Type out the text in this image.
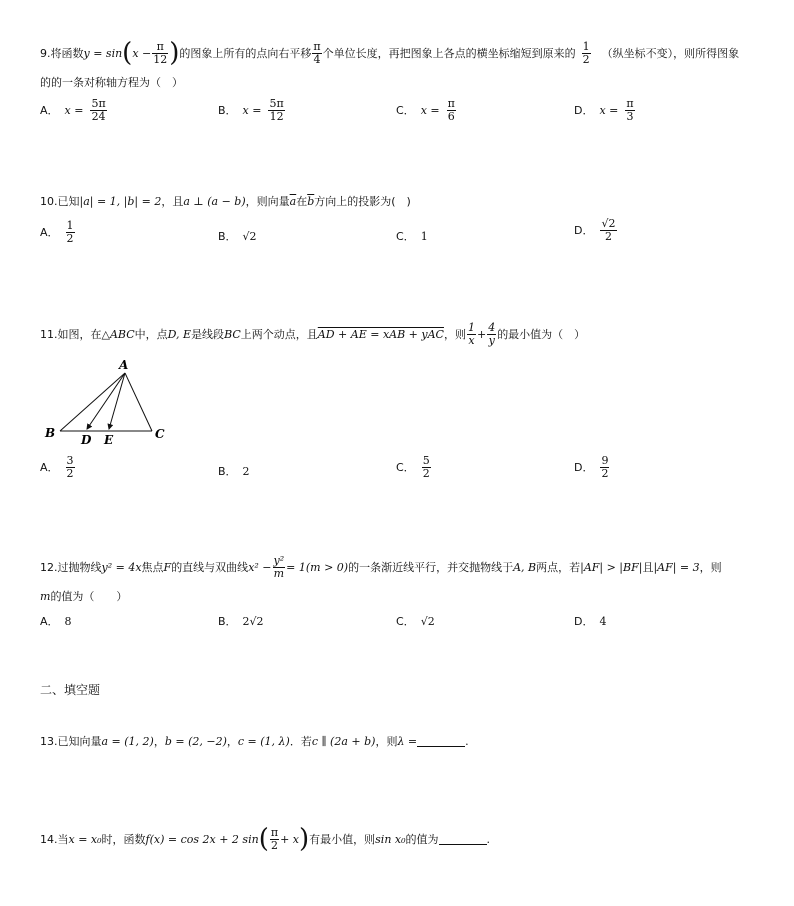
9. 将函数 y = sin ( $x - \frac{\pi}{12}$ ) 的图象上所有的点向右平移 $\frac{\pi}{4}$ 个单位长度，再把图象上各点的横坐标缩短到原来的 $\frac{1}{2}$ （纵坐标不变），则所得图象
的的一条对称轴方程为（　）
A． $x = \frac{5\pi}{24}$	B． $x = \frac{5\pi}{12}$	C． $x = \frac{\pi}{6}$	D． $x = \frac{\pi}{3}$
10. 已知 |a| = 1, |b| = 2 ，且 a ⊥ (a − b) ，则向量 $\overline{a}$ 在 $\overline{b}$ 方向上的投影为(　)
A． $\frac{1}{2}$	B． √2	C． 1	D． $\frac{√2}{2}$
11. 如图，在 △ABC 中，点 D, E 是线段 BC 上两个动点，且 AD + AE = xAB + yAC ，则 $\frac{1}{x} + \frac{4}{y}$ 的最小值为（　）
A
B	C
D E
A． $\frac{3}{2}$	B． 2	C． $\frac{5}{2}$	D． $\frac{9}{2}$
12. 过抛物线 y² = 4x 焦点 F 的直线与双曲线 $x^2 - \frac{\text{y²}}{m} = 1(m > 0)$ 的一条渐近线平行，并交抛物线于 A, B 两点，若 |AF| > |BF| 且 |AF| = 3 ，则
m的值为（　　）
A． 8	B． 2√2	C． √2	D． 4
二、填空题
13. 已知向量 a = (1, 2) ， b = (2, −2) ， c = (1, λ) ．若 c ∥ (2a + b) ，则 λ =	.
14. 当 x = x₀ 时，函数 f(x) = cos 2x + 2 sin ( $\frac{\pi}{2} + x$ ) 有最小值，则 sin x₀ 的值为	.
